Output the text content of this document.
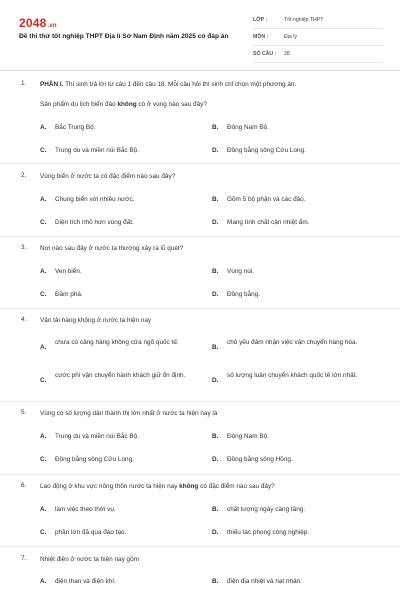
2048.vn
Đề thi thử tốt nghiệp THPT Địa lí Sở Nam Định năm 2025 có đáp án
LỚP :	Tốt nghiệp THPT
MÔN :	Địa lý
SỐ CÂU : 28
1. PHẦN I. Thí sinh trả lời từ câu 1 đến câu 18. Mỗi câu hỏi thí sinh chỉ chọn một phương án.
Sản phẩm du lịch biển đảo không có ở vùng nào sau đây?
A. Bắc Trung Bộ.	B. Đông Nam Bộ.
C. Trung du và miền núi Bắc Bộ.	D. Đồng bằng sông Cửu Long.
2. Vùng biển ở nước ta có đặc điểm nào sau đây?
A. Chung biển với nhiều nước.	B. Gồm 5 bộ phận và các đảo.
C. Diện tích nhỏ hơn vùng đất.	D. Mang tính chất cận nhiệt ẩm.
3. Nơi nào sau đây ở nước ta thường xảy ra lũ quét?
A. Ven biển.	B. Vùng núi.
C. Đầm phá.	D. Đồng bằng.
4. Vận tải hàng không ở nước ta hiện nay
A.
chưa có cảng hàng không cửa ngõ quốc tế.
B.
chủ yếu đảm nhận việc vận chuyển hàng hóa.
C.
cước phí vận chuyển hành khách giữ ổn định.
D.
số lượng luân chuyển khách quốc tế lớn nhất.
5. Vùng có số lượng dân thành thị lớn nhất ở nước ta hiện nay là
A. Trung du và miền núi Bắc Bộ.	B. Đông Nam Bộ.
C. Đồng bằng sông Cửu Long.	D. Đồng bằng sông Hồng.
6. Lao động ở khu vực nông thôn nước ta hiện nay không có đặc điểm nào sau đây?
A. làm việc theo thời vụ.	B. chất lượng ngày càng tăng.
C. phần lớn đã qua đào tạo.	D. thiếu tác phong công nghiệp.
7. Nhiệt điện ở nước ta hiện nay gồm
A. điện than và điện khí.	B. điện địa nhiệt và hạt nhân.
